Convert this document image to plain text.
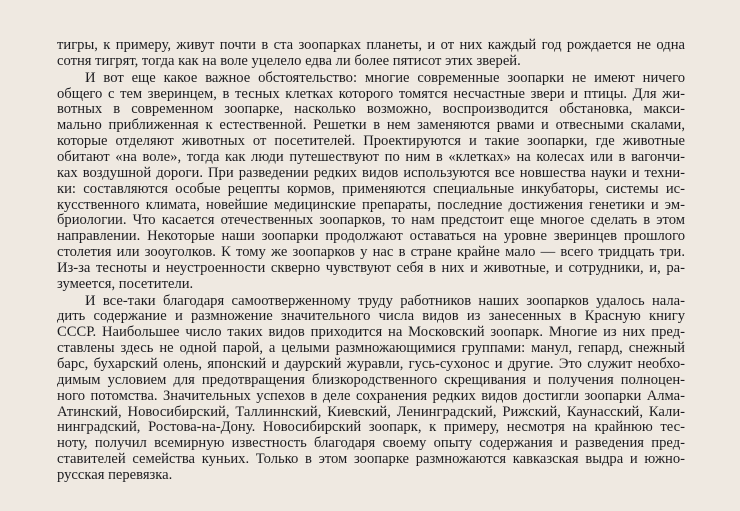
тигры, к примеру, живут почти в ста зоопарках планеты, и от них каждый год рождается не одна
сотня тигрят, тогда как на воле уцелело едва ли более пятисот этих зверей.
И вот еще какое важное обстоятельство: многие современные зоопарки не имеют ничего
общего с тем зверинцем, в тесных клетках которого томятся несчастные звери и птицы. Для жи-
вотных в современном зоопарке, насколько возможно, воспроизводится обстановка, макси-
мально приближенная к естественной. Решетки в нем заменяются рвами и отвесными скалами,
которые отделяют животных от посетителей. Проектируются и такие зоопарки, где животные
обитают «на воле», тогда как люди путешествуют по ним в «клетках» на колесах или в вагончи-
ках воздушной дороги. При разведении редких видов используются все новшества науки и техни-
ки: составляются особые рецепты кормов, применяются специальные инкубаторы, системы ис-
кусственного климата, новейшие медицинские препараты, последние достижения генетики и эм-
бриологии. Что касается отечественных зоопарков, то нам предстоит еще многое сделать в этом
направлении. Некоторые наши зоопарки продолжают оставаться на уровне зверинцев прошлого
столетия или зооуголков. К тому же зоопарков у нас в стране крайне мало — всего тридцать три.
Из-за тесноты и неустроенности скверно чувствуют себя в них и животные, и сотрудники, и, ра-
зумеется, посетители.
И все-таки благодаря самоотверженному труду работников наших зоопарков удалось нала-
дить содержание и размножение значительного числа видов из занесенных в Красную книгу
СССР. Наибольшее число таких видов приходится на Московский зоопарк. Многие из них пред-
ставлены здесь не одной парой, а целыми размножающимися группами: манул, гепард, снежный
барс, бухарский олень, японский и даурский журавли, гусь-сухонос и другие. Это служит необхо-
димым условием для предотвращения близкородственного скрещивания и получения полноцен-
ного потомства. Значительных успехов в деле сохранения редких видов достигли зоопарки Алма-
Атинский, Новосибирский, Таллиннский, Киевский, Ленинградский, Рижский, Каунасский, Кали-
нинградский, Ростова-на-Дону. Новосибирский зоопарк, к примеру, несмотря на крайнюю тес-
ноту, получил всемирную известность благодаря своему опыту содержания и разведения пред-
ставителей семейства куньих. Только в этом зоопарке размножаются кавказская выдра и южно-
русская перевязка.
